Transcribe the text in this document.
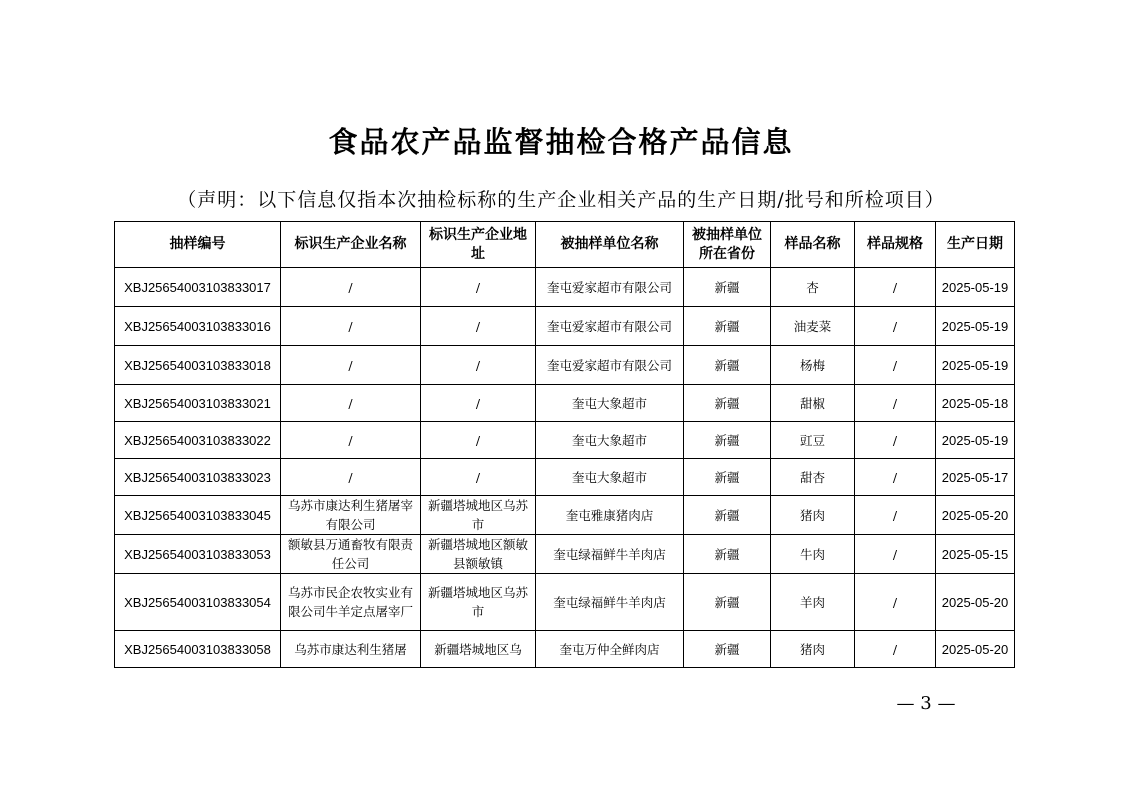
食品农产品监督抽检合格产品信息
（声明：以下信息仅指本次抽检标称的生产企业相关产品的生产日期/批号和所检项目）
抽样编号	标识生产企业名称	标识生产企业地址	被抽样单位名称	被抽样单位所在省份	样品名称	样品规格	生产日期
XBJ25654003103833017	/	/	奎屯爱家超市有限公司	新疆	杏	/	2025-05-19
XBJ25654003103833016	/	/	奎屯爱家超市有限公司	新疆	油麦菜	/	2025-05-19
XBJ25654003103833018	/	/	奎屯爱家超市有限公司	新疆	杨梅	/	2025-05-19
XBJ25654003103833021	/	/	奎屯大象超市	新疆	甜椒	/	2025-05-18
XBJ25654003103833022	/	/	奎屯大象超市	新疆	豇豆	/	2025-05-19
XBJ25654003103833023	/	/	奎屯大象超市	新疆	甜杏	/	2025-05-17
XBJ25654003103833045	乌苏市康达利生猪屠宰有限公司	新疆塔城地区乌苏市	奎屯雅康猪肉店	新疆	猪肉	/	2025-05-20
XBJ25654003103833053	额敏县万通畜牧有限责任公司	新疆塔城地区额敏县额敏镇	奎屯绿福鲜牛羊肉店	新疆	牛肉	/	2025-05-15
XBJ25654003103833054	乌苏市民企农牧实业有限公司牛羊定点屠宰厂	新疆塔城地区乌苏市	奎屯绿福鲜牛羊肉店	新疆	羊肉	/	2025-05-20
XBJ25654003103833058	乌苏市康达利生猪屠	新疆塔城地区乌	奎屯万仲全鲜肉店	新疆	猪肉	/	2025-05-20
— 3 —
